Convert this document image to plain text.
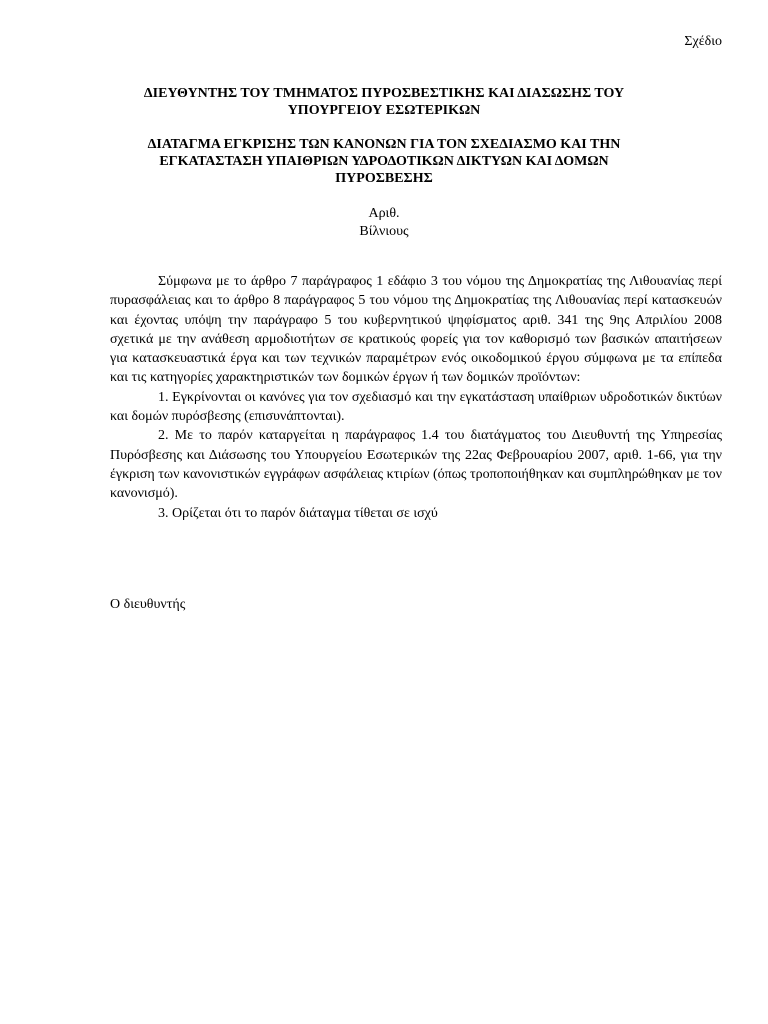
Σχέδιο
ΔΙΕΥΘΥΝΤΗΣ ΤΟΥ ΤΜΗΜΑΤΟΣ ΠΥΡΟΣΒΕΣΤΙΚΗΣ ΚΑΙ ΔΙΑΣΩΣΗΣ ΤΟΥ
ΥΠΟΥΡΓΕΙΟΥ ΕΣΩΤΕΡΙΚΩΝ
ΔΙΑΤΑΓΜΑ ΕΓΚΡΙΣΗΣ ΤΩΝ ΚΑΝΟΝΩΝ ΓΙΑ ΤΟΝ ΣΧΕΔΙΑΣΜΟ ΚΑΙ ΤΗΝ
ΕΓΚΑΤΑΣΤΑΣΗ ΥΠΑΙΘΡΙΩΝ ΥΔΡΟΔΟΤΙΚΩΝ ΔΙΚΤΥΩΝ ΚΑΙ ΔΟΜΩΝ
ΠΥΡΟΣΒΕΣΗΣ
Αριθ.
Βίλνιους

Σύμφωνα με το άρθρο 7 παράγραφος 1 εδάφιο 3 του νόμου της Δημοκρατίας της Λιθουανίας περί πυρασφάλειας και το άρθρο 8 παράγραφος 5 του νόμου της Δημοκρατίας της Λιθουανίας περί κατασκευών και έχοντας υπόψη την παράγραφο 5 του κυβερνητικού ψηφίσματος αριθ. 341 της 9ης Απριλίου 2008 σχετικά με την ανάθεση αρμοδιοτήτων σε κρατικούς φορείς για τον καθορισμό των βασικών απαιτήσεων για κατασκευαστικά έργα και των τεχνικών παραμέτρων ενός οικοδομικού έργου σύμφωνα με τα επίπεδα και τις κατηγορίες χαρακτηριστικών των δομικών έργων ή των δομικών προϊόντων:

1. Εγκρίνονται οι κανόνες για τον σχεδιασμό και την εγκατάσταση υπαίθριων υδροδοτικών δικτύων και δομών πυρόσβεσης (επισυνάπτονται).

2. Με το παρόν καταργείται η παράγραφος 1.4 του διατάγματος του Διευθυντή της Υπηρεσίας Πυρόσβεσης και Διάσωσης του Υπουργείου Εσωτερικών της 22ας Φεβρουαρίου 2007, αριθ. 1-66, για την έγκριση των κανονιστικών εγγράφων ασφάλειας κτιρίων (όπως τροποποιήθηκαν και συμπληρώθηκαν με τον κανονισμό).

3. Ορίζεται ότι το παρόν διάταγμα τίθεται σε ισχύ

Ο διευθυντής
